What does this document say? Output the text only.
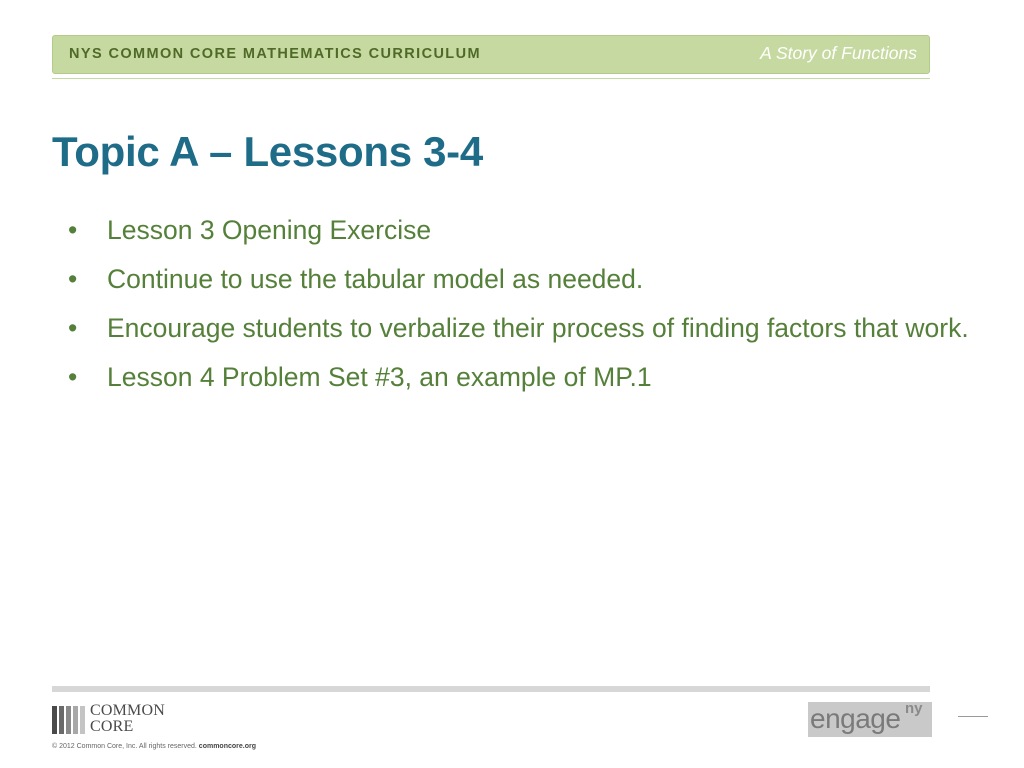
NYS COMMON CORE MATHEMATICS CURRICULUM	A Story of Functions
Topic A – Lessons 3-4
• Lesson 3 Opening Exercise
• Continue to use the tabular model as needed.
• Encourage students to verbalize their process of finding factors that work.
• Lesson 4 Problem Set #3, an example of MP.1
COMMON
CORE
© 2012 Common Core, Inc. All rights reserved. commoncore.org
engage ny
